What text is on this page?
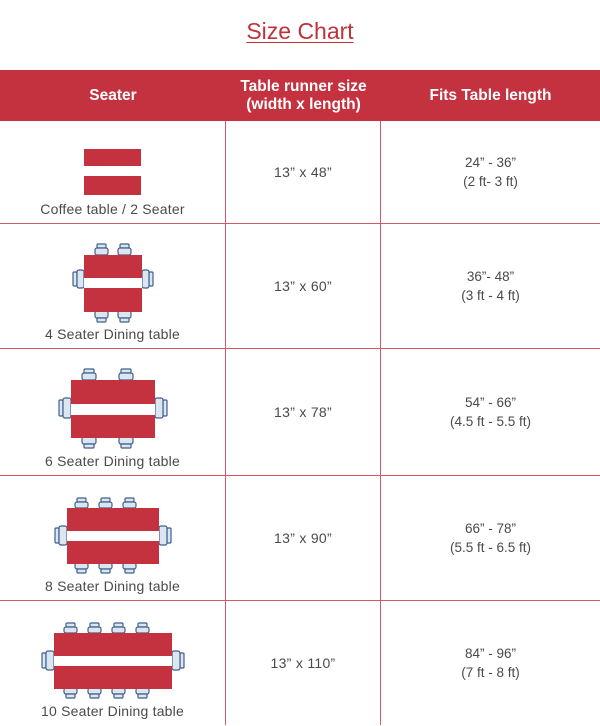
Size Chart
Seater
Table runner size
(width x length)
Fits Table length
Coffee table / 2 Seater
13” x 48”
24” - 36”
(2 ft- 3 ft)
4 Seater Dining table
13” x 60”
36”- 48”
(3 ft - 4 ft)
6 Seater Dining table
13” x 78”
54” - 66”
(4.5 ft - 5.5 ft)
8 Seater Dining table
13” x 90”
66” - 78”
(5.5 ft - 6.5 ft)
10 Seater Dining table
13” x 110”
84” - 96”
(7 ft - 8 ft)
